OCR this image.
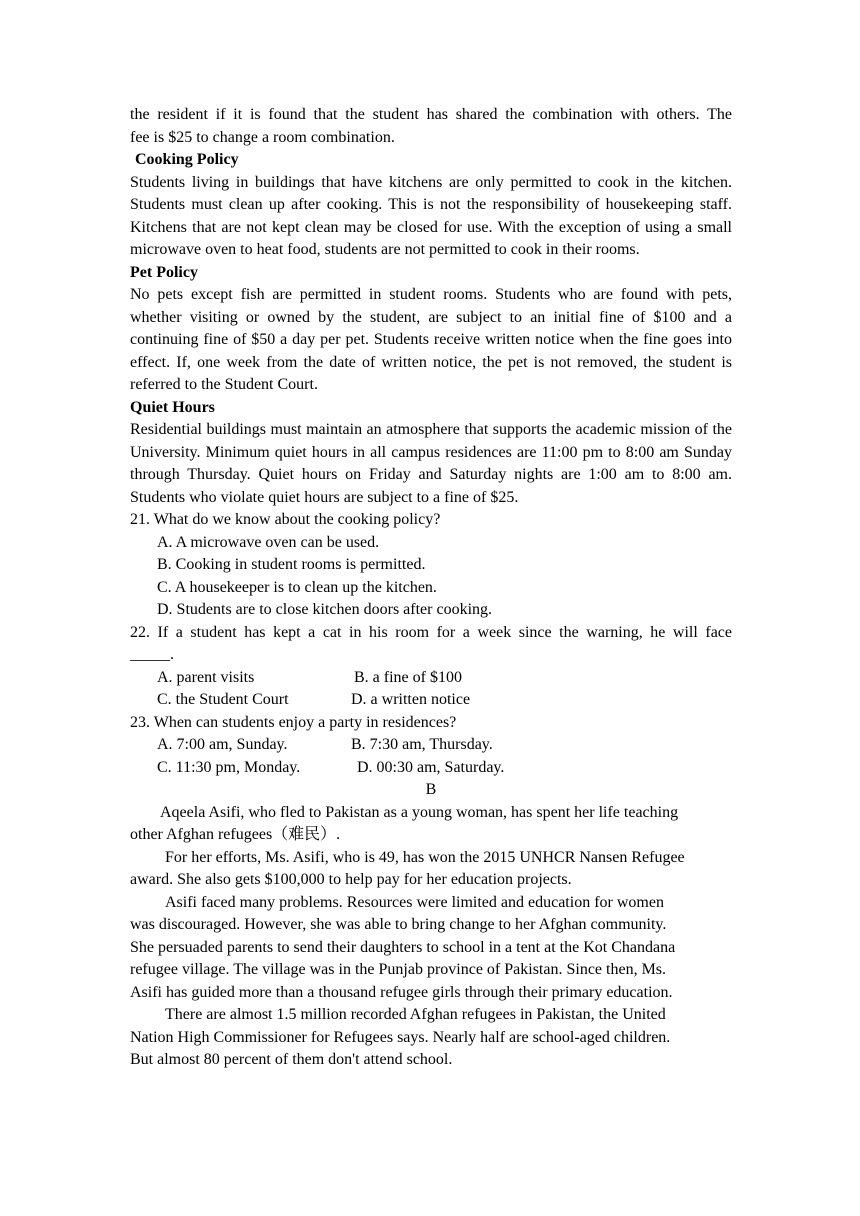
the resident if it is found that the student has shared the combination with others. The
fee is $25 to change a room combination.
Cooking Policy
Students living in buildings that have kitchens are only permitted to cook in the kitchen. Students must clean up after cooking. This is not the responsibility of housekeeping staff. Kitchens that are not kept clean may be closed for use. With the exception of using a small microwave oven to heat food, students are not permitted to cook in their rooms.
Pet Policy
No pets except fish are permitted in student rooms. Students who are found with pets, whether visiting or owned by the student, are subject to an initial fine of $100 and a continuing fine of $50 a day per pet. Students receive written notice when the fine goes into effect. If, one week from the date of written notice, the pet is not removed, the student is referred to the Student Court.
Quiet Hours
Residential buildings must maintain an atmosphere that supports the academic mission of the University. Minimum quiet hours in all campus residences are 11:00 pm to 8:00 am Sunday through Thursday. Quiet hours on Friday and Saturday nights are 1:00 am to 8:00 am. Students who violate quiet hours are subject to a fine of $25.
21. What do we know about the cooking policy?
A. A microwave oven can be used.
B. Cooking in student rooms is permitted.
C. A housekeeper is to clean up the kitchen.
D. Students are to close kitchen doors after cooking.
22. If a student has kept a cat in his room for a week since the warning, he will face
_____.
A. parent visits	B. a fine of $100
C. the Student Court	D. a written notice
23. When can students enjoy a party in residences?
A. 7:00 am, Sunday.	B. 7:30 am, Thursday.
C. 11:30 pm, Monday.	D. 00:30 am, Saturday.
B
Aqeela Asifi, who fled to Pakistan as a young woman, has spent her life teaching
other Afghan refugees（难民）.
For her efforts, Ms. Asifi, who is 49, has won the 2015 UNHCR Nansen Refugee
award. She also gets $100,000 to help pay for her education projects.
Asifi faced many problems. Resources were limited and education for women
was discouraged. However, she was able to bring change to her Afghan community.
She persuaded parents to send their daughters to school in a tent at the Kot Chandana
refugee village. The village was in the Punjab province of Pakistan. Since then, Ms.
Asifi has guided more than a thousand refugee girls through their primary education.
There are almost 1.5 million recorded Afghan refugees in Pakistan, the United
Nation High Commissioner for Refugees says. Nearly half are school-aged children.
But almost 80 percent of them don't attend school.
